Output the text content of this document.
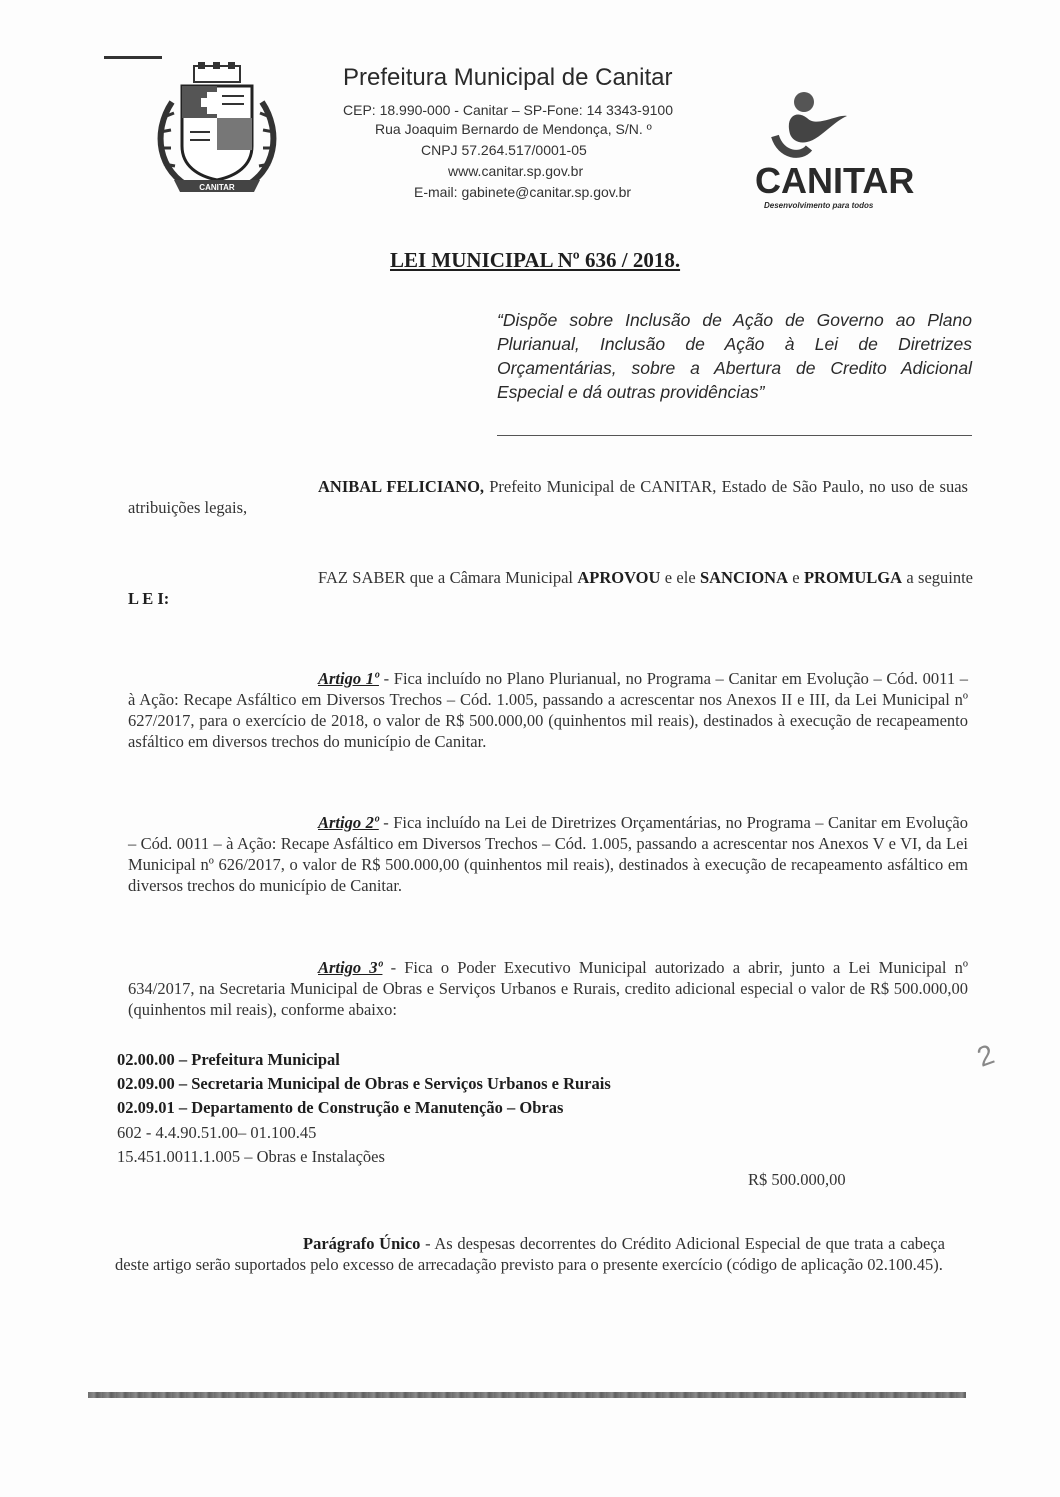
CANITAR
Prefeitura Municipal de Canitar
CEP: 18.990-000 - Canitar – SP-Fone: 14 3343-9100
Rua Joaquim Bernardo de Mendonça, S/N. º
CNPJ 57.264.517/0001-05
www.canitar.sp.gov.br
E-mail: gabinete@canitar.sp.gov.br	CANITAR
Desenvolvimento para todos
LEI MUNICIPAL Nº 636 / 2018.
“Dispõe sobre Inclusão de Ação de Governo ao Plano Plurianual, Inclusão de Ação à Lei de Diretrizes Orçamentárias, sobre a Abertura de Credito Adicional Especial e dá outras providências”
ANIBAL FELICIANO, Prefeito Municipal de CANITAR, Estado de São Paulo, no uso de suas atribuições legais,
FAZ SABER que a Câmara Municipal APROVOU e ele SANCIONA e PROMULGA a seguinte L E I:
Artigo 1º - Fica incluído no Plano Plurianual, no Programa – Canitar em Evolução – Cód. 0011 – à Ação: Recape Asfáltico em Diversos Trechos – Cód. 1.005, passando a acrescentar nos Anexos II e III, da Lei Municipal nº 627/2017, para o exercício de 2018, o valor de R$ 500.000,00 (quinhentos mil reais), destinados à execução de recapeamento asfáltico em diversos trechos do município de Canitar.
Artigo 2º - Fica incluído na Lei de Diretrizes Orçamentárias, no Programa – Canitar em Evolução – Cód. 0011 – à Ação: Recape Asfáltico em Diversos Trechos – Cód. 1.005, passando a acrescentar nos Anexos V e VI, da Lei Municipal nº 626/2017, o valor de R$ 500.000,00 (quinhentos mil reais), destinados à execução de recapeamento asfáltico em diversos trechos do município de Canitar.
Artigo 3º - Fica o Poder Executivo Municipal autorizado a abrir, junto a Lei Municipal nº 634/2017, na Secretaria Municipal de Obras e Serviços Urbanos e Rurais, credito adicional especial o valor de R$ 500.000,00 (quinhentos mil reais), conforme abaixo:
02.00.00 – Prefeitura Municipal
02.09.00 – Secretaria Municipal de Obras e Serviços Urbanos e Rurais
02.09.01 – Departamento de Construção e Manutenção – Obras
602 - 4.4.90.51.00– 01.100.45
15.451.0011.1.005 – Obras e Instalações
R$ 500.000,00
2
Parágrafo Único - As despesas decorrentes do Crédito Adicional Especial de que trata a cabeça deste artigo serão suportados pelo excesso de arrecadação previsto para o presente exercício (código de aplicação 02.100.45).
